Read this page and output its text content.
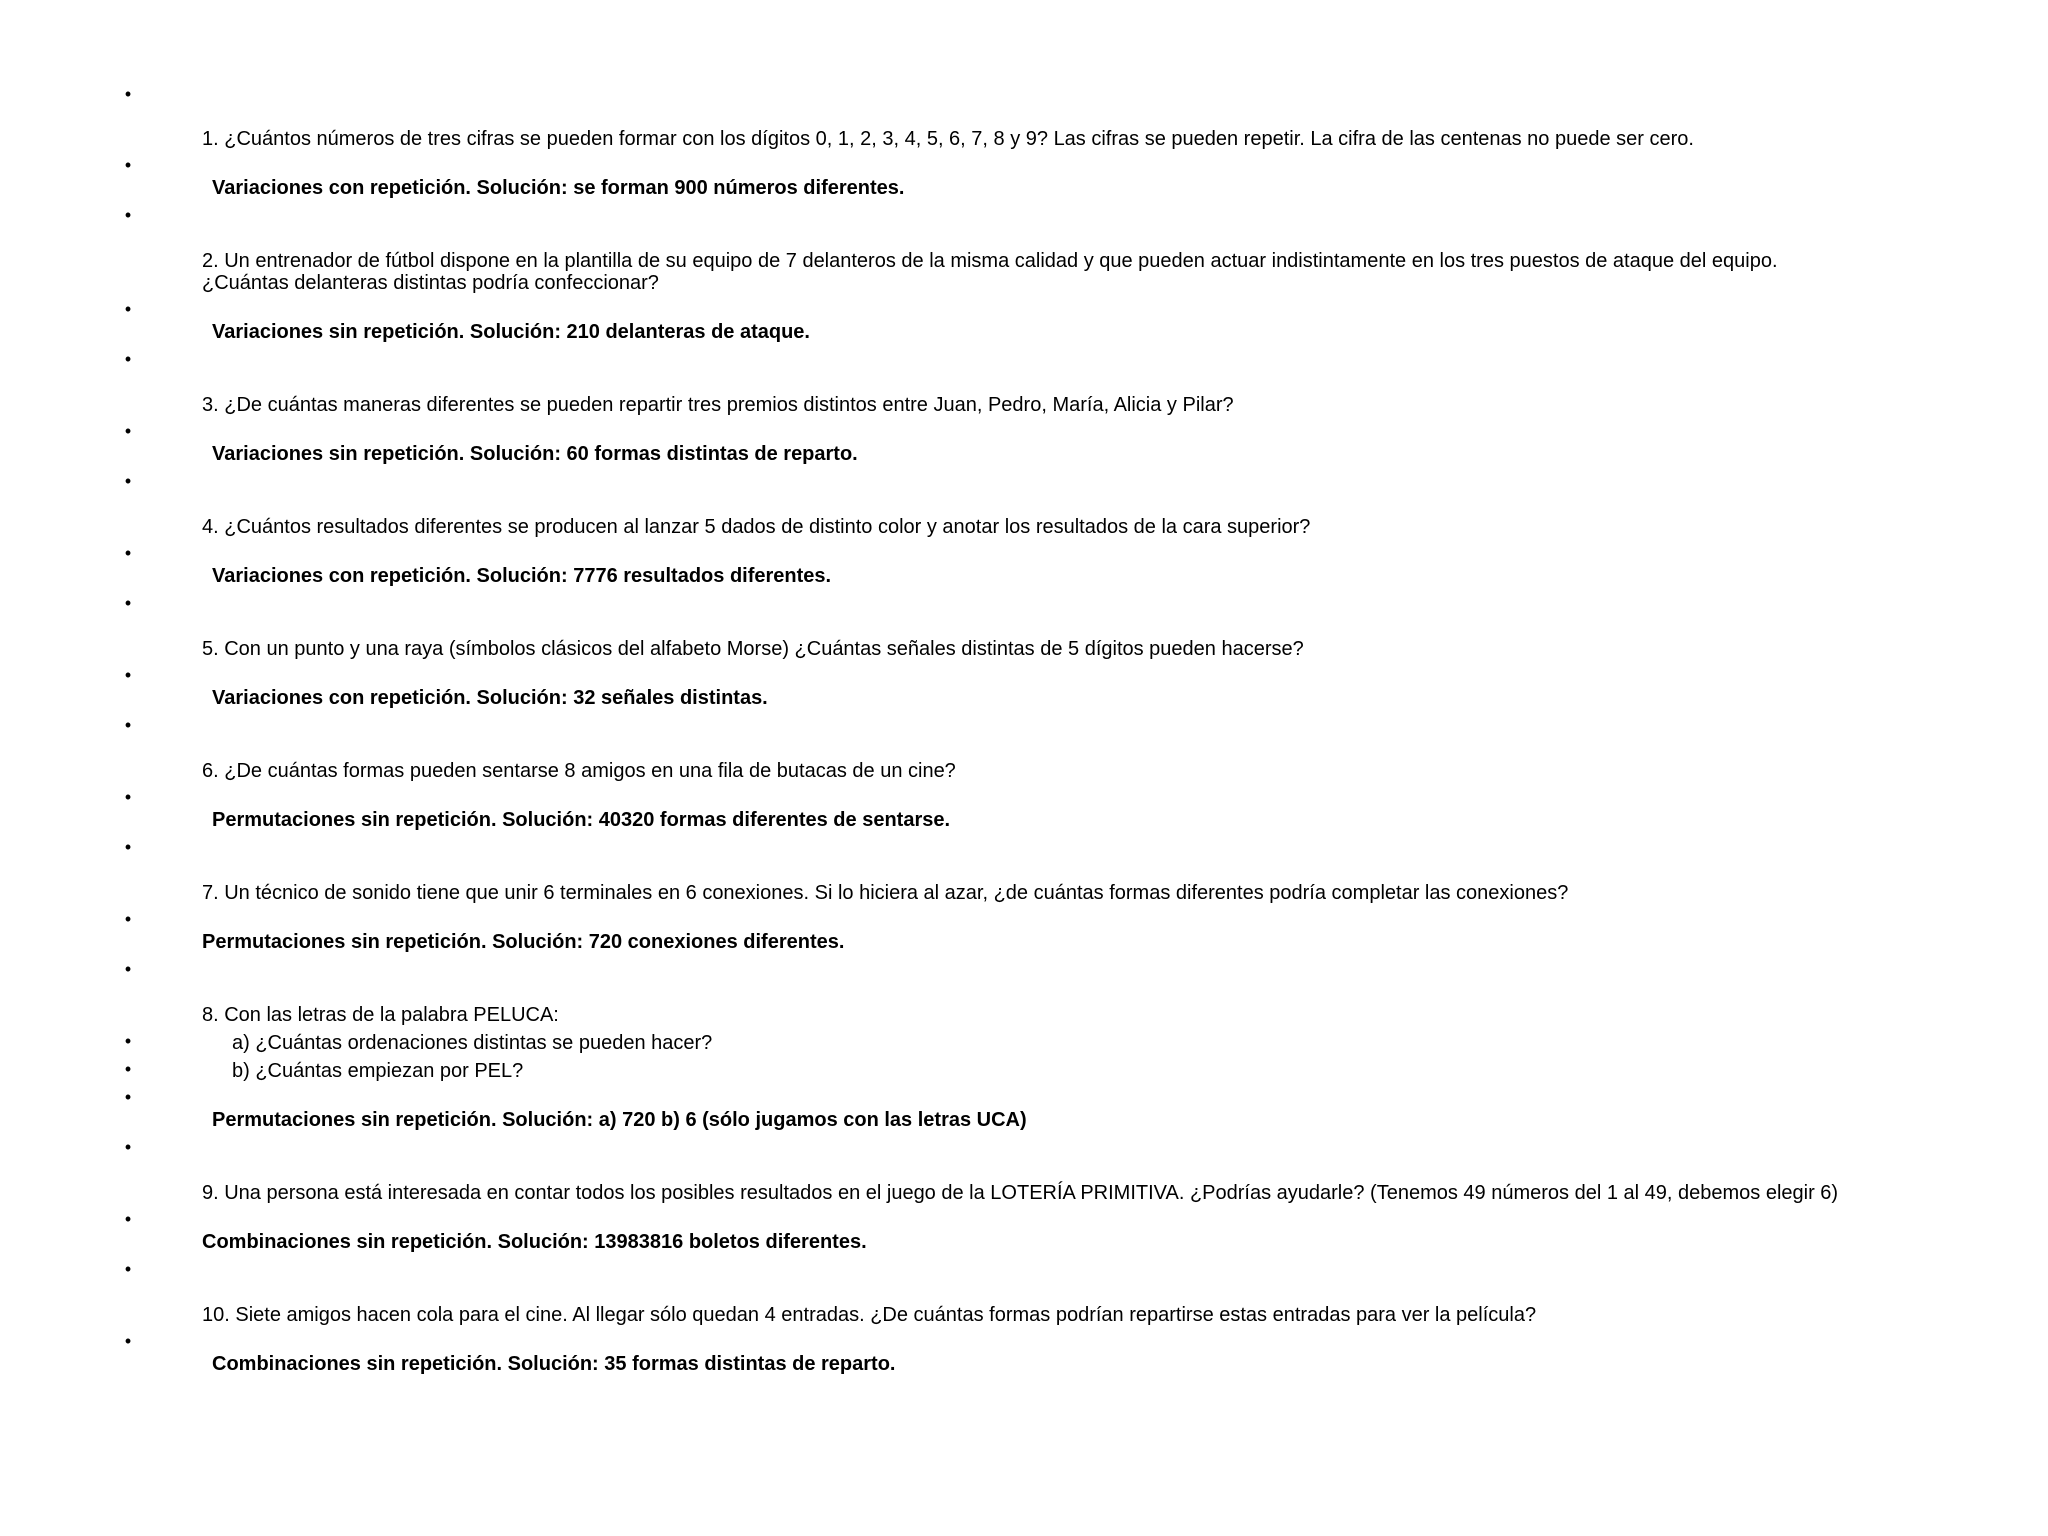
•
•
•
•
•
•
•
•
•
•
•
•
•
•
•
•
•
•
•
•
•
•
1. ¿Cuántos números de tres cifras se pueden formar con los dígitos 0, 1, 2, 3, 4, 5, 6, 7, 8 y 9? Las cifras se pueden repetir. La cifra de las centenas no puede ser cero.
Variaciones con repetición. Solución: se forman 900 números diferentes.
2. Un entrenador de fútbol dispone en la plantilla de su equipo de 7 delanteros de la misma calidad y que pueden actuar indistintamente en los tres puestos de ataque del equipo.
¿Cuántas delanteras distintas podría confeccionar?
Variaciones sin repetición. Solución: 210 delanteras de ataque.
3. ¿De cuántas maneras diferentes se pueden repartir tres premios distintos entre Juan, Pedro, María, Alicia y Pilar?
Variaciones sin repetición. Solución: 60 formas distintas de reparto.
4. ¿Cuántos resultados diferentes se producen al lanzar 5 dados de distinto color y anotar los resultados de la cara superior?
Variaciones con repetición. Solución: 7776 resultados diferentes.
5. Con un punto y una raya (símbolos clásicos del alfabeto Morse) ¿Cuántas señales distintas de 5 dígitos pueden hacerse?
Variaciones con repetición. Solución: 32 señales distintas.
6. ¿De cuántas formas pueden sentarse 8 amigos en una fila de butacas de un cine?
Permutaciones sin repetición. Solución: 40320 formas diferentes de sentarse.
7. Un técnico de sonido tiene que unir 6 terminales en 6 conexiones. Si lo hiciera al azar, ¿de cuántas formas diferentes podría completar las conexiones?
Permutaciones sin repetición. Solución: 720 conexiones diferentes.
8. Con las letras de la palabra PELUCA:
a) ¿Cuántas ordenaciones distintas se pueden hacer?
b) ¿Cuántas empiezan por PEL?
Permutaciones sin repetición. Solución: a) 720 b) 6 (sólo jugamos con las letras UCA)
9. Una persona está interesada en contar todos los posibles resultados en el juego de la LOTERÍA PRIMITIVA. ¿Podrías ayudarle? (Tenemos 49 números del 1 al 49, debemos elegir 6)
Combinaciones sin repetición. Solución: 13983816 boletos diferentes.
10. Siete amigos hacen cola para el cine. Al llegar sólo quedan 4 entradas. ¿De cuántas formas podrían repartirse estas entradas para ver la película?
Combinaciones sin repetición. Solución: 35 formas distintas de reparto.
